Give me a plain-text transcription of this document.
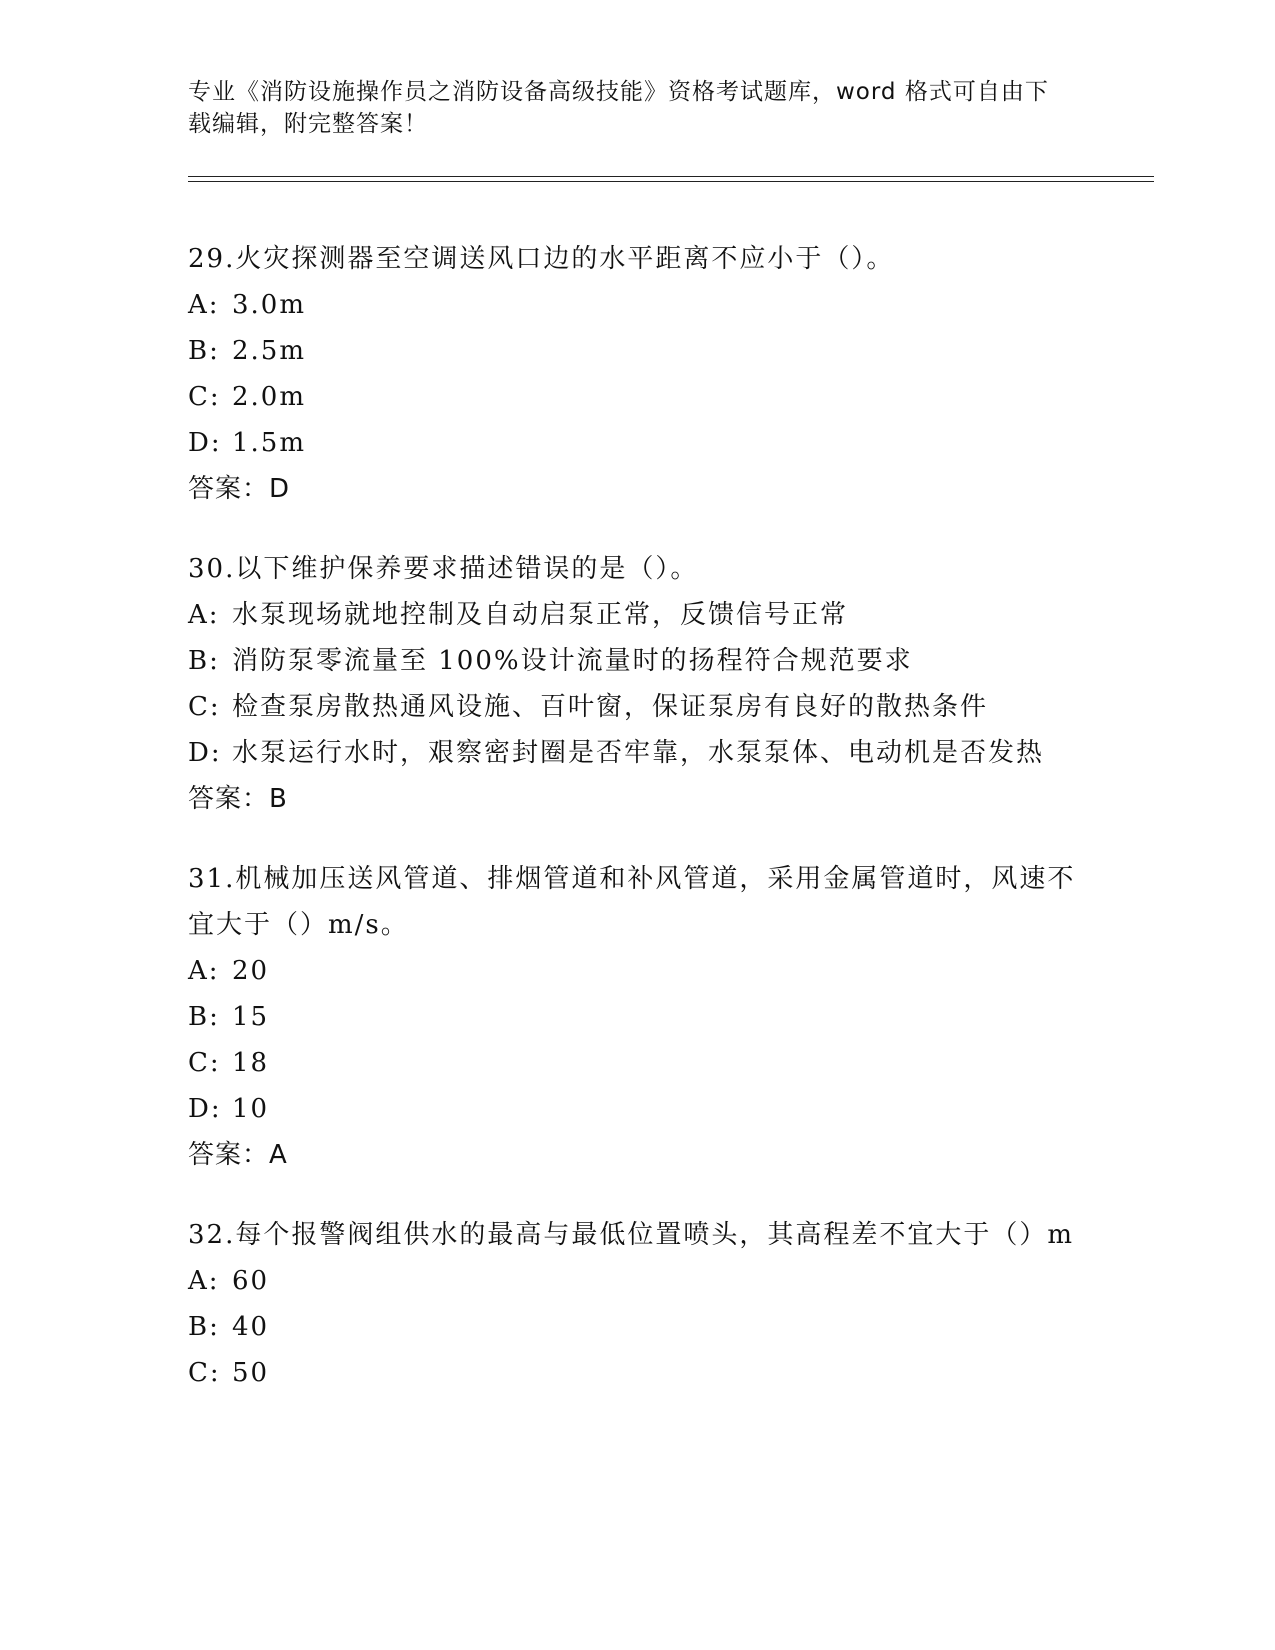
专业《消防设施操作员之消防设备高级技能》资格考试题库，word 格式可自由下载编辑，附完整答案！

29.火灾探测器至空调送风口边的水平距离不应小于（）。

A: 3.0m

B: 2.5m

C: 2.0m

D: 1.5m

答案：D

30.以下维护保养要求描述错误的是（）。

A: 水泵现场就地控制及自动启泵正常，反馈信号正常

B: 消防泵零流量至 100%设计流量时的扬程符合规范要求

C: 检查泵房散热通风设施、百叶窗，保证泵房有良好的散热条件

D: 水泵运行水时，艰察密封圈是否牢靠，水泵泵体、电动机是否发热

答案：B

31.机械加压送风管道、排烟管道和补风管道，采用金属管道时，风速不宜大于（）m/s。

A: 20

B: 15

C: 18

D: 10

答案：A

32.每个报警阀组供水的最高与最低位置喷头，其高程差不宜大于（）m

A: 60

B: 40

C: 50
